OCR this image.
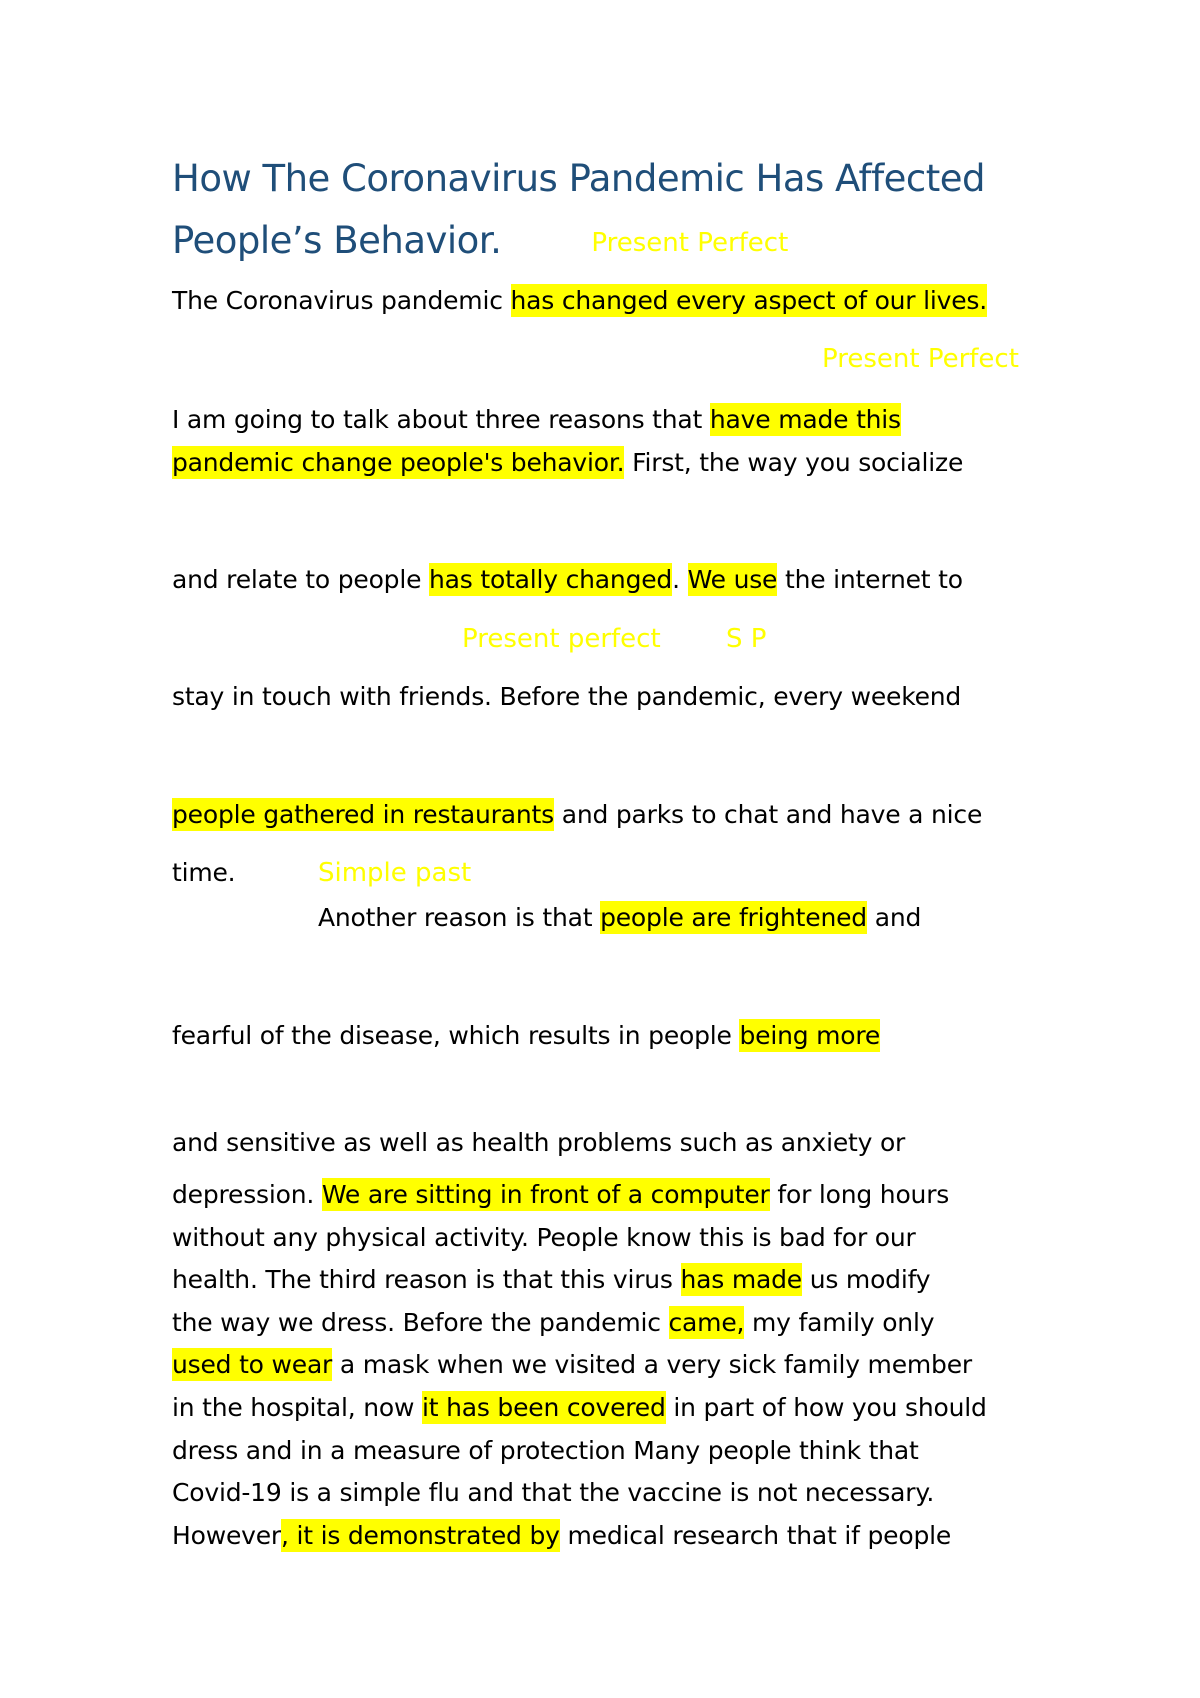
How The Coronavirus Pandemic Has Affected
People’s Behavior.	Present Perfect
The Coronavirus pandemic has changed every aspect of our lives.
Present Perfect
I am going to talk about three reasons that have made this
pandemic change people's behavior. First, the way you socialize
and relate to people has totally changed. We use the internet to
Present perfect	S P
stay in touch with friends. Before the pandemic, every weekend
people gathered in restaurants and parks to chat and have a nice
time.	Simple past
Another reason is that people are frightened and
fearful of the disease, which results in people being more
and sensitive as well as health problems such as anxiety or

depression. We are sitting in front of a computer for long hours

without any physical activity. People know this is bad for our

health. The third reason is that this virus has made us modify

the way we dress. Before the pandemic came, my family only

used to wear a mask when we visited a very sick family member

in the hospital, now it has been covered in part of how you should

dress and in a measure of protection Many people think that

Covid-19 is a simple flu and that the vaccine is not necessary.

However, it is demonstrated by medical research that if people
